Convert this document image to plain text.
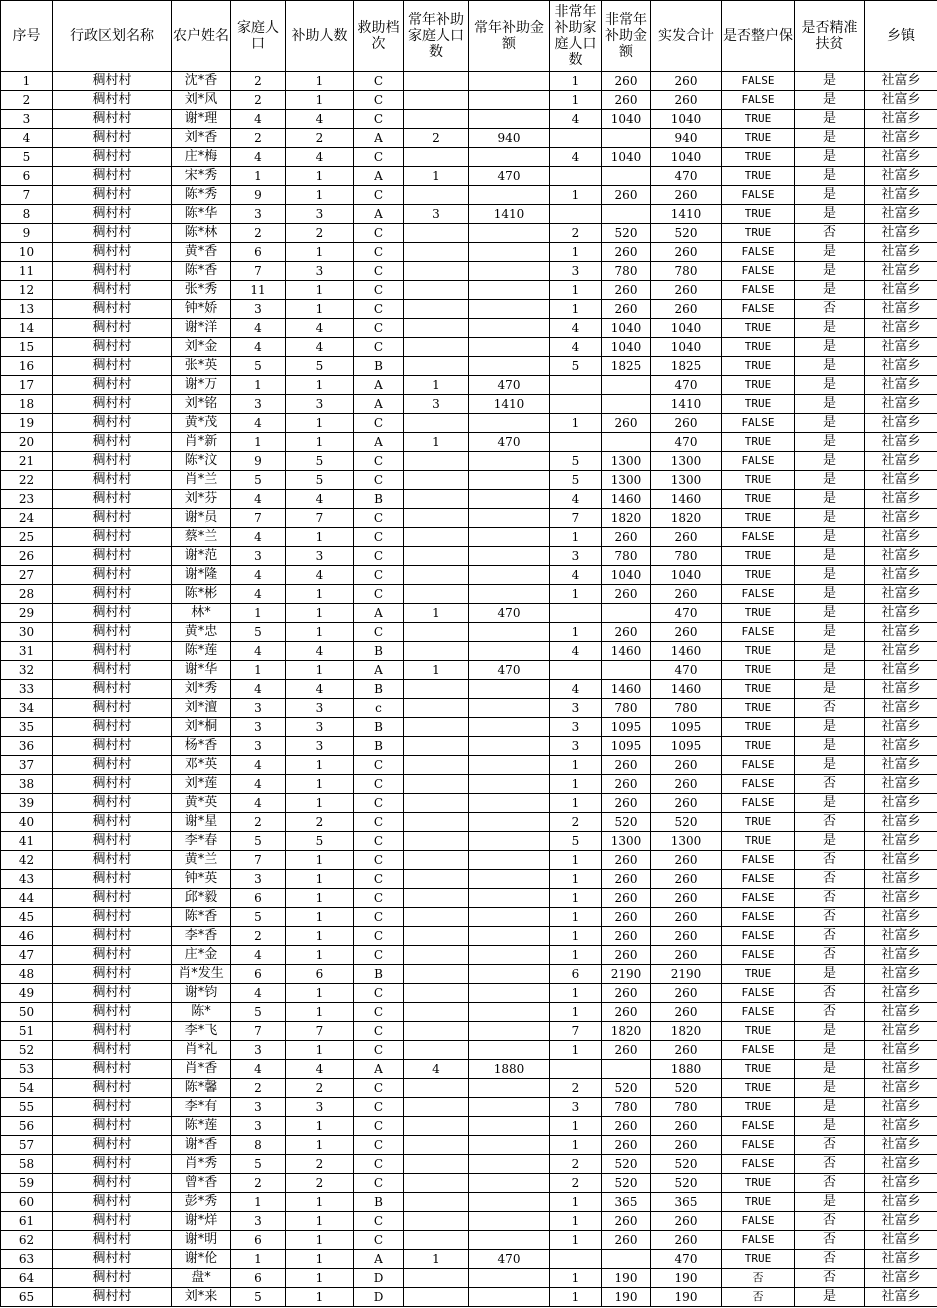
序号	行政区划名称	农户姓名	家庭人口	补助人数	救助档次	常年补助家庭人口数	常年补助金额	非常年补助家庭人口数	非常年补助金额	实发合计	是否整户保	是否精准扶贫	乡镇
1	稠村村	沈*香	2	1	C			1	260	260	FALSE	是	社富乡
2	稠村村	刘*风	2	1	C			1	260	260	FALSE	是	社富乡
3	稠村村	谢*理	4	4	C			4	1040	1040	TRUE	是	社富乡
4	稠村村	刘*香	2	2	A	2	940			940	TRUE	是	社富乡
5	稠村村	庄*梅	4	4	C			4	1040	1040	TRUE	是	社富乡
6	稠村村	宋*秀	1	1	A	1	470			470	TRUE	是	社富乡
7	稠村村	陈*秀	9	1	C			1	260	260	FALSE	是	社富乡
8	稠村村	陈*华	3	3	A	3	1410			1410	TRUE	是	社富乡
9	稠村村	陈*林	2	2	C			2	520	520	TRUE	否	社富乡
10	稠村村	黄*香	6	1	C			1	260	260	FALSE	是	社富乡
11	稠村村	陈*香	7	3	C			3	780	780	FALSE	是	社富乡
12	稠村村	张*秀	11	1	C			1	260	260	FALSE	是	社富乡
13	稠村村	钟*娇	3	1	C			1	260	260	FALSE	否	社富乡
14	稠村村	谢*洋	4	4	C			4	1040	1040	TRUE	是	社富乡
15	稠村村	刘*金	4	4	C			4	1040	1040	TRUE	是	社富乡
16	稠村村	张*英	5	5	B			5	1825	1825	TRUE	是	社富乡
17	稠村村	谢*万	1	1	A	1	470			470	TRUE	是	社富乡
18	稠村村	刘*铭	3	3	A	3	1410			1410	TRUE	是	社富乡
19	稠村村	黄*茂	4	1	C			1	260	260	FALSE	是	社富乡
20	稠村村	肖*新	1	1	A	1	470			470	TRUE	是	社富乡
21	稠村村	陈*汶	9	5	C			5	1300	1300	FALSE	是	社富乡
22	稠村村	肖*兰	5	5	C			5	1300	1300	TRUE	是	社富乡
23	稠村村	刘*芬	4	4	B			4	1460	1460	TRUE	是	社富乡
24	稠村村	谢*员	7	7	C			7	1820	1820	TRUE	是	社富乡
25	稠村村	蔡*兰	4	1	C			1	260	260	FALSE	是	社富乡
26	稠村村	谢*范	3	3	C			3	780	780	TRUE	是	社富乡
27	稠村村	谢*隆	4	4	C			4	1040	1040	TRUE	是	社富乡
28	稠村村	陈*彬	4	1	C			1	260	260	FALSE	是	社富乡
29	稠村村	林*	1	1	A	1	470			470	TRUE	是	社富乡
30	稠村村	黄*忠	5	1	C			1	260	260	FALSE	是	社富乡
31	稠村村	陈*莲	4	4	B			4	1460	1460	TRUE	是	社富乡
32	稠村村	谢*华	1	1	A	1	470			470	TRUE	是	社富乡
33	稠村村	刘*秀	4	4	B			4	1460	1460	TRUE	是	社富乡
34	稠村村	刘*澶	3	3	c			3	780	780	TRUE	否	社富乡
35	稠村村	刘*桐	3	3	B			3	1095	1095	TRUE	是	社富乡
36	稠村村	杨*香	3	3	B			3	1095	1095	TRUE	是	社富乡
37	稠村村	邓*英	4	1	C			1	260	260	FALSE	是	社富乡
38	稠村村	刘*莲	4	1	C			1	260	260	FALSE	否	社富乡
39	稠村村	黄*英	4	1	C			1	260	260	FALSE	是	社富乡
40	稠村村	谢*星	2	2	C			2	520	520	TRUE	否	社富乡
41	稠村村	李*春	5	5	C			5	1300	1300	TRUE	是	社富乡
42	稠村村	黄*兰	7	1	C			1	260	260	FALSE	否	社富乡
43	稠村村	钟*英	3	1	C			1	260	260	FALSE	否	社富乡
44	稠村村	邱*毅	6	1	C			1	260	260	FALSE	否	社富乡
45	稠村村	陈*香	5	1	C			1	260	260	FALSE	否	社富乡
46	稠村村	李*香	2	1	C			1	260	260	FALSE	否	社富乡
47	稠村村	庄*金	4	1	C			1	260	260	FALSE	否	社富乡
48	稠村村	肖*发生	6	6	B			6	2190	2190	TRUE	是	社富乡
49	稠村村	谢*钧	4	1	C			1	260	260	FALSE	否	社富乡
50	稠村村	陈*	5	1	C			1	260	260	FALSE	否	社富乡
51	稠村村	李*飞	7	7	C			7	1820	1820	TRUE	是	社富乡
52	稠村村	肖*礼	3	1	C			1	260	260	FALSE	是	社富乡
53	稠村村	肖*香	4	4	A	4	1880			1880	TRUE	是	社富乡
54	稠村村	陈*馨	2	2	C			2	520	520	TRUE	是	社富乡
55	稠村村	李*有	3	3	C			3	780	780	TRUE	是	社富乡
56	稠村村	陈*莲	3	1	C			1	260	260	FALSE	是	社富乡
57	稠村村	谢*香	8	1	C			1	260	260	FALSE	否	社富乡
58	稠村村	肖*秀	5	2	C			2	520	520	FALSE	否	社富乡
59	稠村村	曾*香	2	2	C			2	520	520	TRUE	否	社富乡
60	稠村村	彭*秀	1	1	B			1	365	365	TRUE	是	社富乡
61	稠村村	谢*烊	3	1	C			1	260	260	FALSE	否	社富乡
62	稠村村	谢*明	6	1	C			1	260	260	FALSE	否	社富乡
63	稠村村	谢*伦	1	1	A	1	470			470	TRUE	否	社富乡
64	稠村村	盘*	6	1	D			1	190	190	否	否	社富乡
65	稠村村	刘*来	5	1	D			1	190	190	否	是	社富乡
